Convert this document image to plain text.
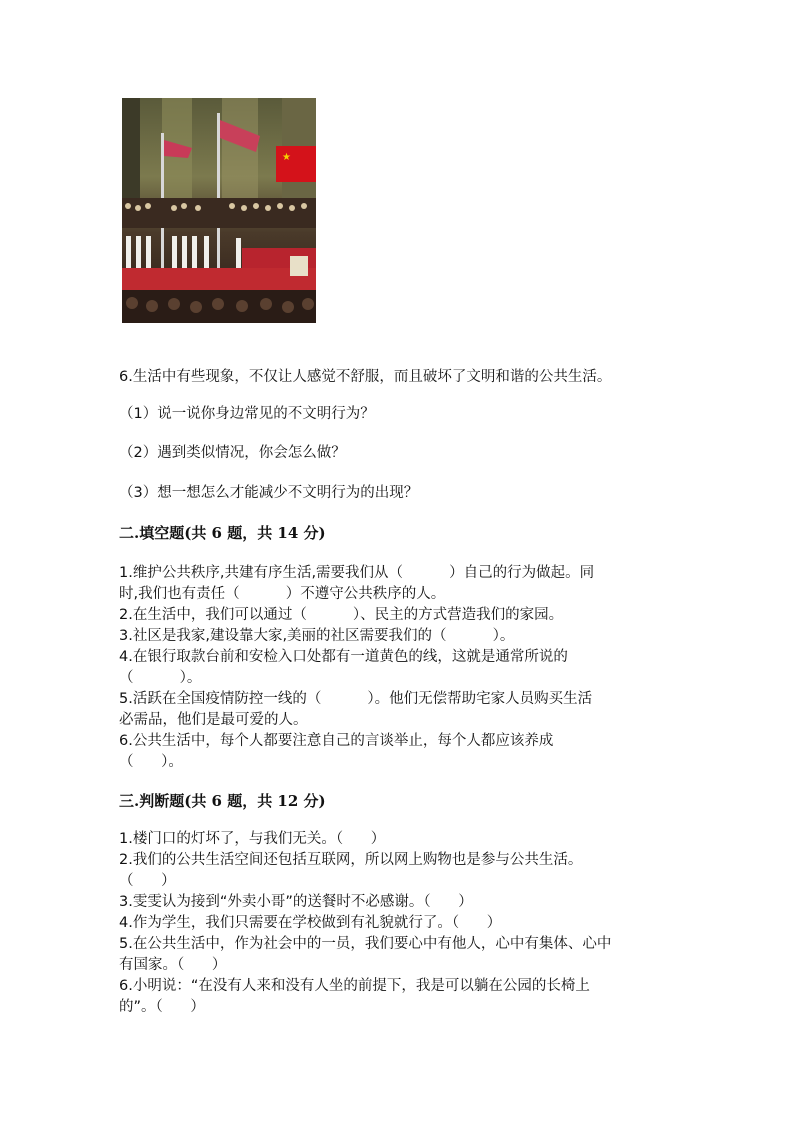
★
6.生活中有些现象，不仅让人感觉不舒服，而且破坏了文明和谐的公共生活。
（1）说一说你身边常见的不文明行为？
（2）遇到类似情况，你会怎么做？
（3）想一想怎么才能减少不文明行为的出现？
二.填空题(共 6 题，共 14 分)
1.维护公共秩序,共建有序生活,需要我们从（          ）自己的行为做起。同
时,我们也有责任（          ）不遵守公共秩序的人。
2.在生活中，我们可以通过（          ）、民主的方式营造我们的家园。
3.社区是我家,建设靠大家,美丽的社区需要我们的（          ）。
4.在银行取款台前和安检入口处都有一道黄色的线，这就是通常所说的
（          ）。
5.活跃在全国疫情防控一线的（          ）。他们无偿帮助宅家人员购买生活
必需品，他们是最可爱的人。
6.公共生活中，每个人都要注意自己的言谈举止，每个人都应该养成
（      ）。
三.判断题(共 6 题，共 12 分)
1.楼门口的灯坏了，与我们无关。（      ）
2.我们的公共生活空间还包括互联网，所以网上购物也是参与公共生活。
（      ）
3.雯雯认为接到“外卖小哥”的送餐时不必感谢。（      ）
4.作为学生，我们只需要在学校做到有礼貌就行了。（      ）
5.在公共生活中，作为社会中的一员，我们要心中有他人，心中有集体、心中
有国家。（      ）
6.小明说：“在没有人来和没有人坐的前提下，我是可以躺在公园的长椅上
的”。（      ）
